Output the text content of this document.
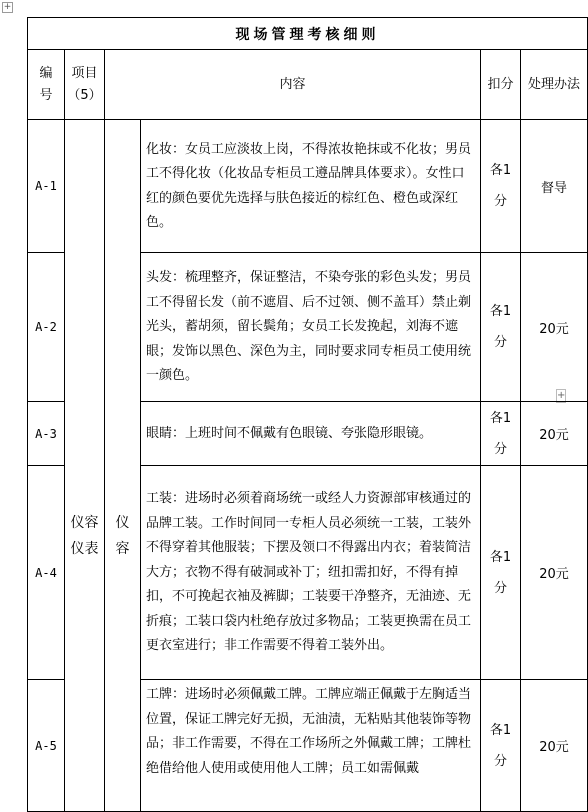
+
+
现场管理考核细则					
编
号	项目
（5）	内容		扣分	处理办法
A-1	仪容仪表	仪容	化妆：女员工应淡妆上岗，不得浓妆艳抹或不化妆；男员工不得化妆（化妆品专柜员工遵品牌具体要求）。女性口红的颜色要优先选择与肤色接近的棕红色、橙色或深红色。	各1
分	督导
A-2			头发：梳理整齐，保证整洁，不染夸张的彩色头发；男员工不得留长发（前不遮眉、后不过领、侧不盖耳）禁止剃光头，蓄胡须，留长鬓角；女员工长发挽起，刘海不遮眼；发饰以黑色、深色为主，同时要求同专柜员工使用统一颜色。	各1
分	20元
A-3			眼睛：上班时间不佩戴有色眼镜、夸张隐形眼镜。	各1
分	20元
A-4			工装：进场时必须着商场统一或经人力资源部审核通过的品牌工装。工作时间同一专柜人员必须统一工装，工装外不得穿着其他服装；下摆及领口不得露出内衣；着装简洁大方；衣物不得有破洞或补丁；纽扣需扣好，不得有掉扣，不可挽起衣袖及裤脚；工装要干净整齐，无油迹、无折痕；工装口袋内杜绝存放过多物品；工装更换需在员工更衣室进行；非工作需要不得着工装外出。	各1
分	20元
A-5			工牌：进场时必须佩戴工牌。工牌应端正佩戴于左胸适当位置，保证工牌完好无损，无油渍，无粘贴其他装饰等物品；非工作需要，不得在工作场所之外佩戴工牌；工牌杜绝借给他人使用或使用他人工牌；员工如需佩戴	各1
分	20元
